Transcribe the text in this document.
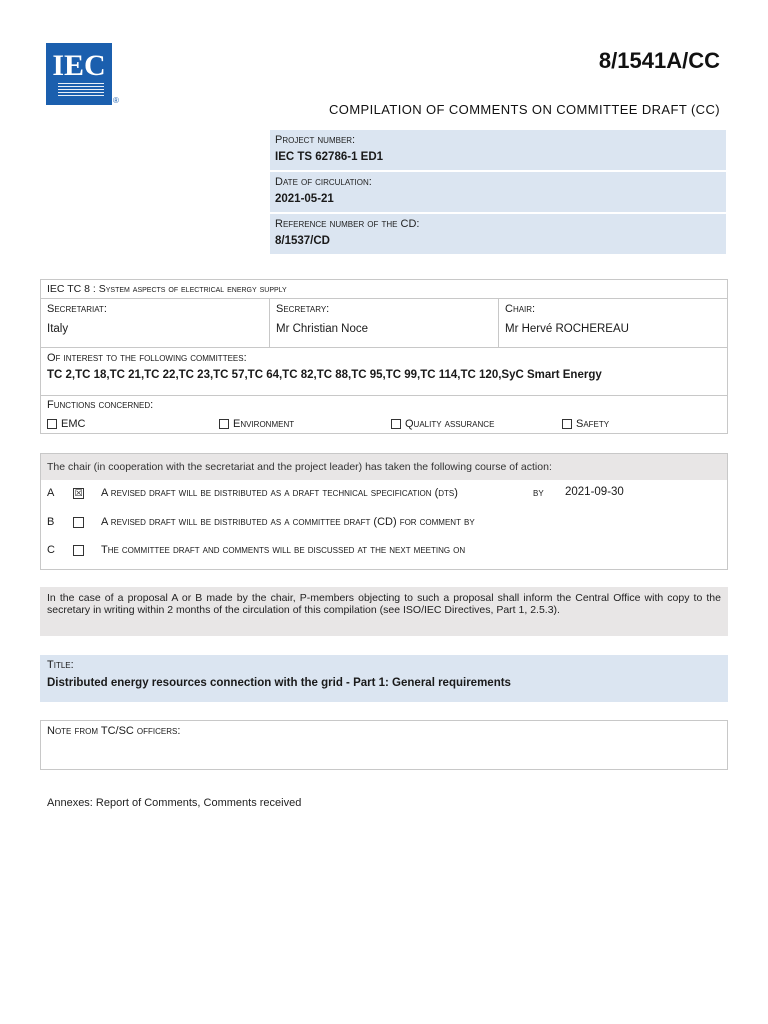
IEC
®
8/1541A/CC
COMPILATION OF COMMENTS ON COMMITTEE DRAFT (CC)
Project number:
IEC TS 62786-1 ED1
Date of circulation:
2021-05-21
Reference number of the CD:
8/1537/CD
IEC TC 8 : System aspects of electrical energy supply
Secretariat:
Italy
Secretary:
Mr Christian Noce
Chair:
Mr Hervé ROCHEREAU
Of interest to the following committees:
TC 2,TC 18,TC 21,TC 22,TC 23,TC 57,TC 64,TC 82,TC 88,TC 95,TC 99,TC 114,TC 120,SyC Smart Energy
Functions concerned:
EMC	Environment	Quality assurance	Safety
The chair (in cooperation with the secretariat and the project leader) has taken the following course of action:
A ☒ A revised draft will be distributed as a draft technical specification (dts)	by 2021-09-30
B	A revised draft will be distributed as a committee draft (CD) for comment by
C	The committee draft and comments will be discussed at the next meeting on
In the case of a proposal A or B made by the chair, P-members objecting to such a proposal shall inform the Central Office with copy to the secretary in writing within 2 months of the circulation of this compilation (see ISO/IEC Directives, Part 1, 2.5.3).
Title:
Distributed energy resources connection with the grid - Part 1: General requirements
Note from TC/SC officers:
Annexes: Report of Comments, Comments received
